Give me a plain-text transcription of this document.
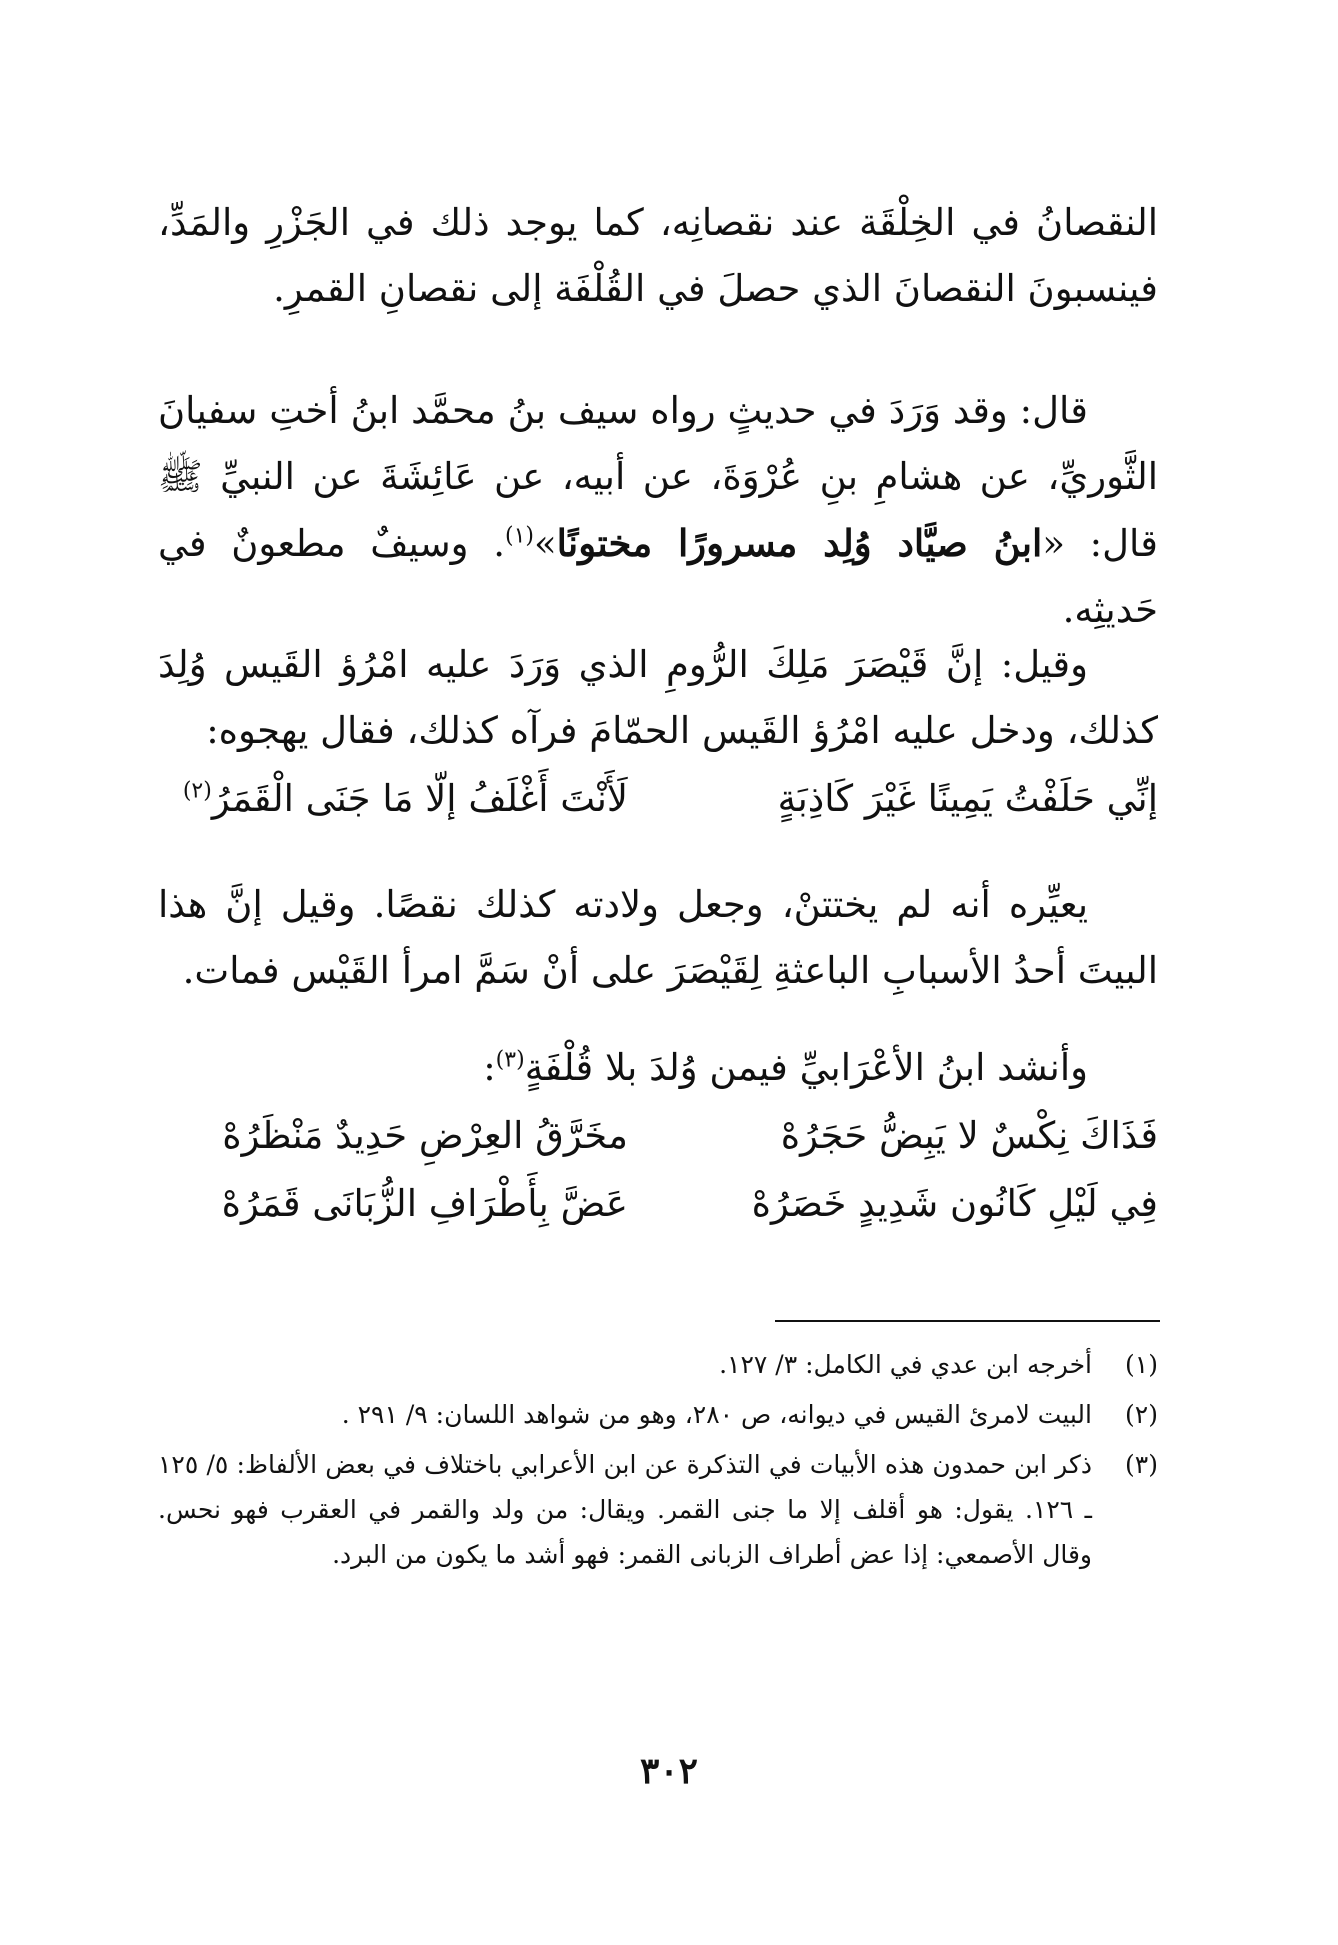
النقصانُ في الخِلْقَة عند نقصانِه، كما يوجد ذلك في الجَزْرِ والمَدِّ، فينسبونَ النقصانَ الذي حصلَ في القُلْفَة إلى نقصانِ القمرِ.

قال: وقد وَرَدَ في حديثٍ رواه سيف بنُ محمَّد ابنُ أختِ سفيانَ الثَّوريِّ، عن هشامِ بنِ عُرْوَةَ، عن أبيه، عن عَائِشَةَ عن النبيِّ ﷺ قال: «ابنُ صيَّاد وُلِد مسرورًا مختونًا»$^{(١)}$. وسيفٌ مطعونٌ في حَديثِه.

وقيل: إنَّ قَيْصَرَ مَلِكَ الرُّومِ الذي وَرَدَ عليه امْرُؤ القَيس وُلِدَ كذلك، ودخل عليه امْرُؤ القَيس الحمّامَ فرآه كذلك، فقال يهجوه:

إنِّي حَلَفْتُ يَمِينًا غَيْرَ كَاذِبَةٍ
لَأَنْتَ أَغْلَفُ إلّا مَا جَنَى الْقَمَرُ$^{(٢)}$

يعيِّره أنه لم يختتنْ، وجعل ولادته كذلك نقصًا. وقيل إنَّ هذا البيتَ أحدُ الأسبابِ الباعثةِ لِقَيْصَرَ على أنْ سَمَّ امرأ القَيْس فمات.

وأنشد ابنُ الأعْرَابيِّ فيمن وُلدَ بلا قُلْفَةٍ$^{(٣)}$:

فَذَاكَ نِكْسٌ لا يَبِضُّ حَجَرُهْ
مخَرَّقُ العِرْضِ حَدِيدٌ مَنْظَرُهْ
فِي لَيْلِ كَانُون شَدِيدٍ خَصَرُهْ
عَضَّ بِأَطْرَافِ الزُّبَانَى قَمَرُهْ
(١)
أخرجه ابن عدي في الكامل: ٣/ ١٢٧.
(٢)
البيت لامرئ القيس في ديوانه، ص ٢٨٠، وهو من شواهد اللسان: ٩/ ٢٩١ .
(٣)
ذكر ابن حمدون هذه الأبيات في التذكرة عن ابن الأعرابي باختلاف في بعض الألفاظ: ٥/ ١٢٥ ـ ١٢٦. يقول: هو أقلف إلا ما جنى القمر. ويقال: من ولد والقمر في العقرب فهو نحس. وقال الأصمعي: إذا عض أطراف الزبانى القمر: فهو أشد ما يكون من البرد.
٣٠٢
